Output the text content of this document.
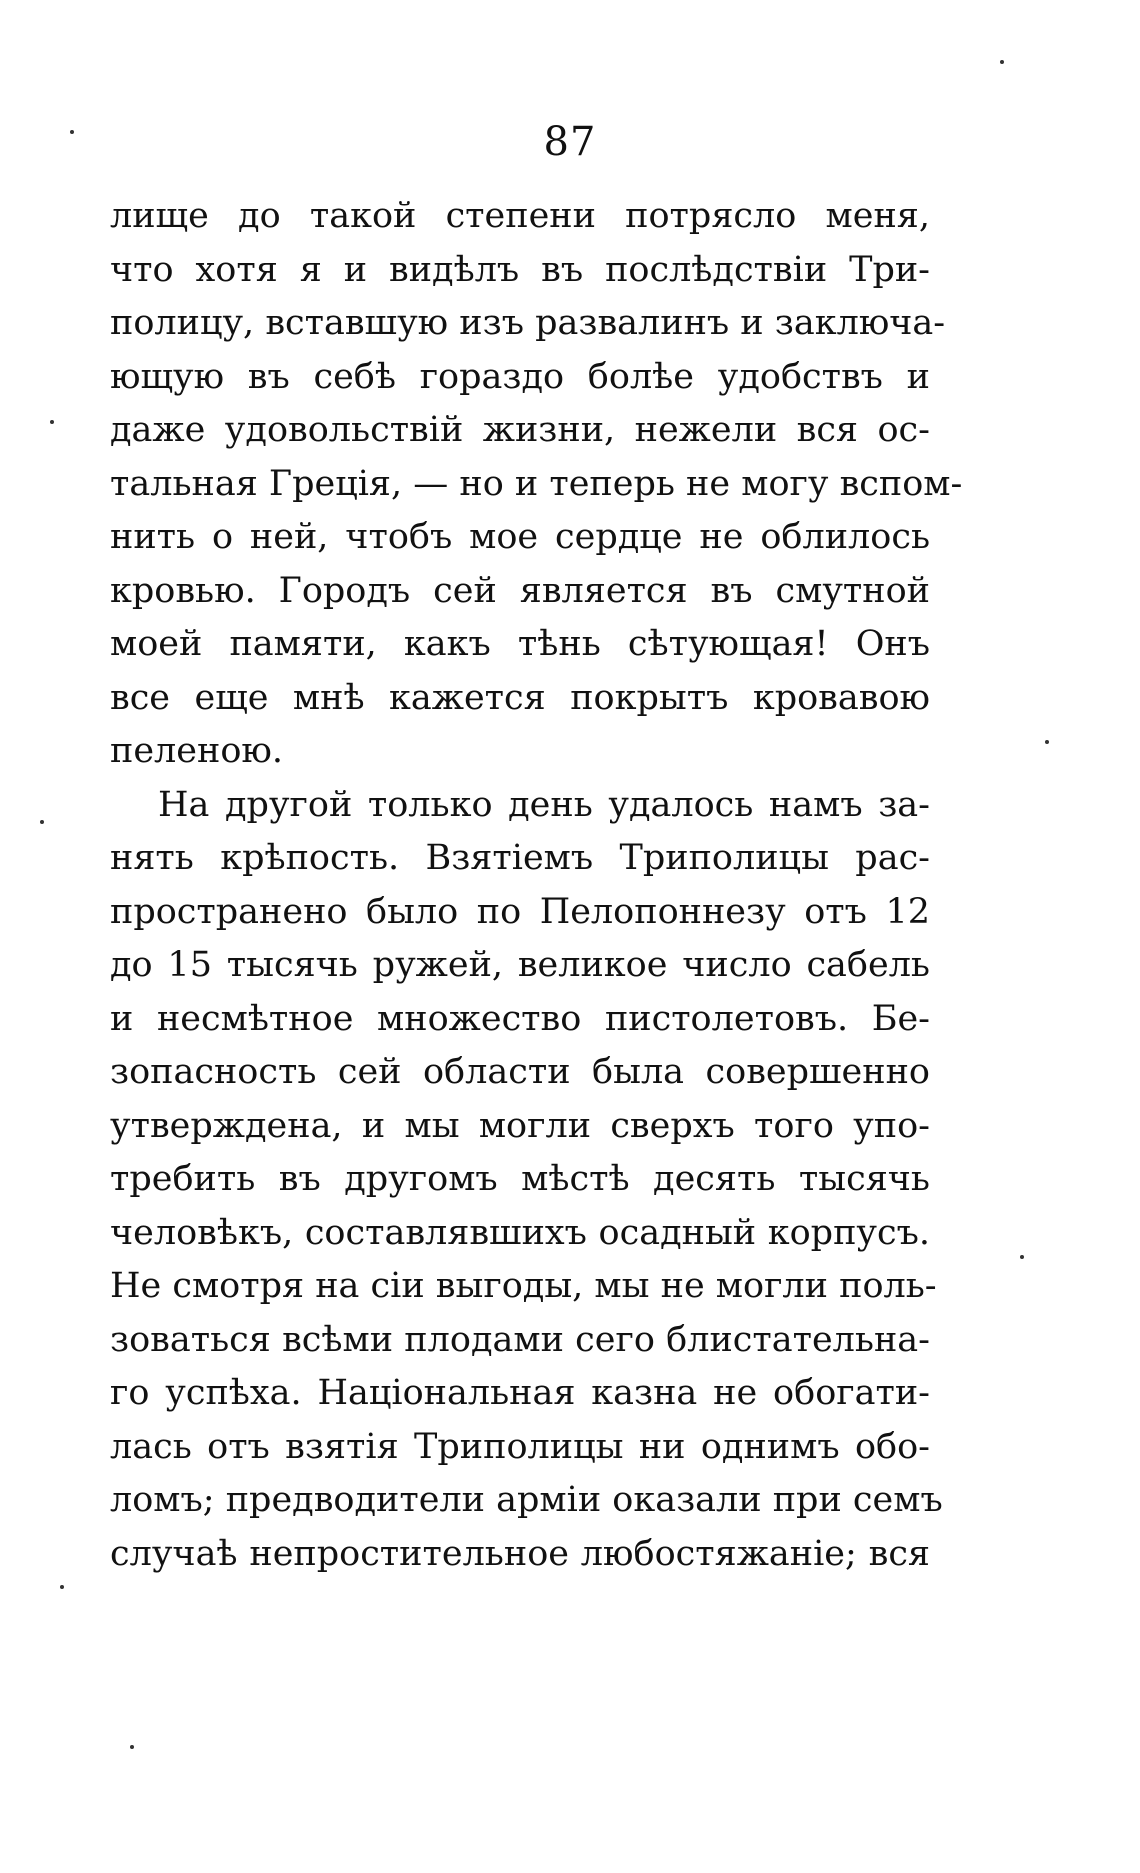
87
лище до такой степени потрясло меня,
что хотя я и видѣлъ въ послѣдствіи Три-
полицу, вставшую изъ развалинъ и заключа-
ющую въ себѣ гораздо болѣе удобствъ и
даже удовольствій жизни, нежели вся ос-
тальная Греція, — но и теперь не могу вспом-
нить о ней, чтобъ мое сердце не облилось
кровью. Городъ сей является въ смутной
моей памяти, какъ тѣнь сѣтующая! Онъ
все еще мнѣ кажется покрытъ кровавою
пеленою.
На другой только день удалось намъ за-
нять крѣпость. Взятіемъ Триполицы рас-
пространено было по Пелопоннезу отъ 12
до 15 тысячь ружей, великое число сабель
и несмѣтное множество пистолетовъ. Бе-
зопасность сей области была совершенно
утверждена, и мы могли сверхъ того упо-
требить въ другомъ мѣстѣ десять тысячь
человѣкъ, составлявшихъ осадный корпусъ.
Не смотря на сіи выгоды, мы не могли поль-
зоваться всѣми плодами сего блистательна-
го успѣха. Національная казна не обогати-
лась отъ взятія Триполицы ни однимъ обо-
ломъ; предводители арміи оказали при семъ
случаѣ непростительное любостяжаніе; вся
